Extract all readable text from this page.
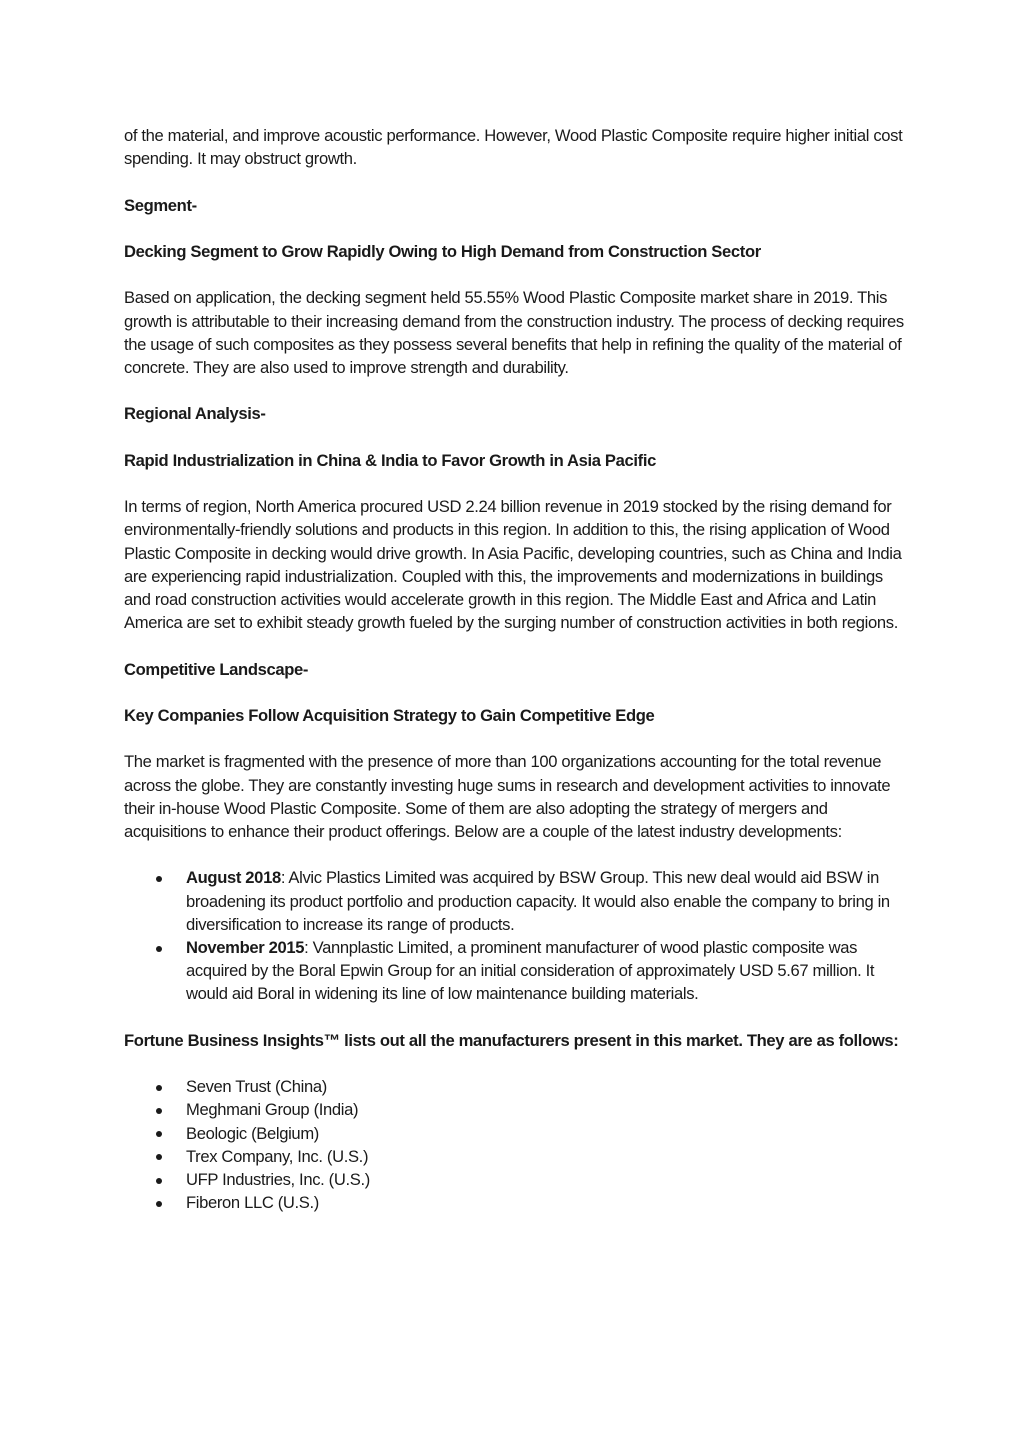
of the material, and improve acoustic performance. However, Wood Plastic Composite require higher initial cost spending. It may obstruct growth.

Segment-

Decking Segment to Grow Rapidly Owing to High Demand from Construction Sector

Based on application, the decking segment held 55.55% Wood Plastic Composite market share in 2019. This growth is attributable to their increasing demand from the construction industry. The process of decking requires the usage of such composites as they possess several benefits that help in refining the quality of the material of concrete. They are also used to improve strength and durability.

Regional Analysis-

Rapid Industrialization in China & India to Favor Growth in Asia Pacific

In terms of region, North America procured USD 2.24 billion revenue in 2019 stocked by the rising demand for environmentally-friendly solutions and products in this region. In addition to this, the rising application of Wood Plastic Composite in decking would drive growth. In Asia Pacific, developing countries, such as China and India are experiencing rapid industrialization. Coupled with this, the improvements and modernizations in buildings and road construction activities would accelerate growth in this region. The Middle East and Africa and Latin America are set to exhibit steady growth fueled by the surging number of construction activities in both regions.

Competitive Landscape-

Key Companies Follow Acquisition Strategy to Gain Competitive Edge

The market is fragmented with the presence of more than 100 organizations accounting for the total revenue across the globe. They are constantly investing huge sums in research and development activities to innovate their in-house Wood Plastic Composite. Some of them are also adopting the strategy of mergers and acquisitions to enhance their product offerings. Below are a couple of the latest industry developments:

August 2018: Alvic Plastics Limited was acquired by BSW Group. This new deal would aid BSW in broadening its product portfolio and production capacity. It would also enable the company to bring in diversification to increase its range of products.
November 2015: Vannplastic Limited, a prominent manufacturer of wood plastic composite was acquired by the Boral Epwin Group for an initial consideration of approximately USD 5.67 million. It would aid Boral in widening its line of low maintenance building materials.

Fortune Business Insights™ lists out all the manufacturers present in this market. They are as follows:

Seven Trust (China)
Meghmani Group (India)
Beologic (Belgium)
Trex Company, Inc. (U.S.)
UFP Industries, Inc. (U.S.)
Fiberon LLC (U.S.)
